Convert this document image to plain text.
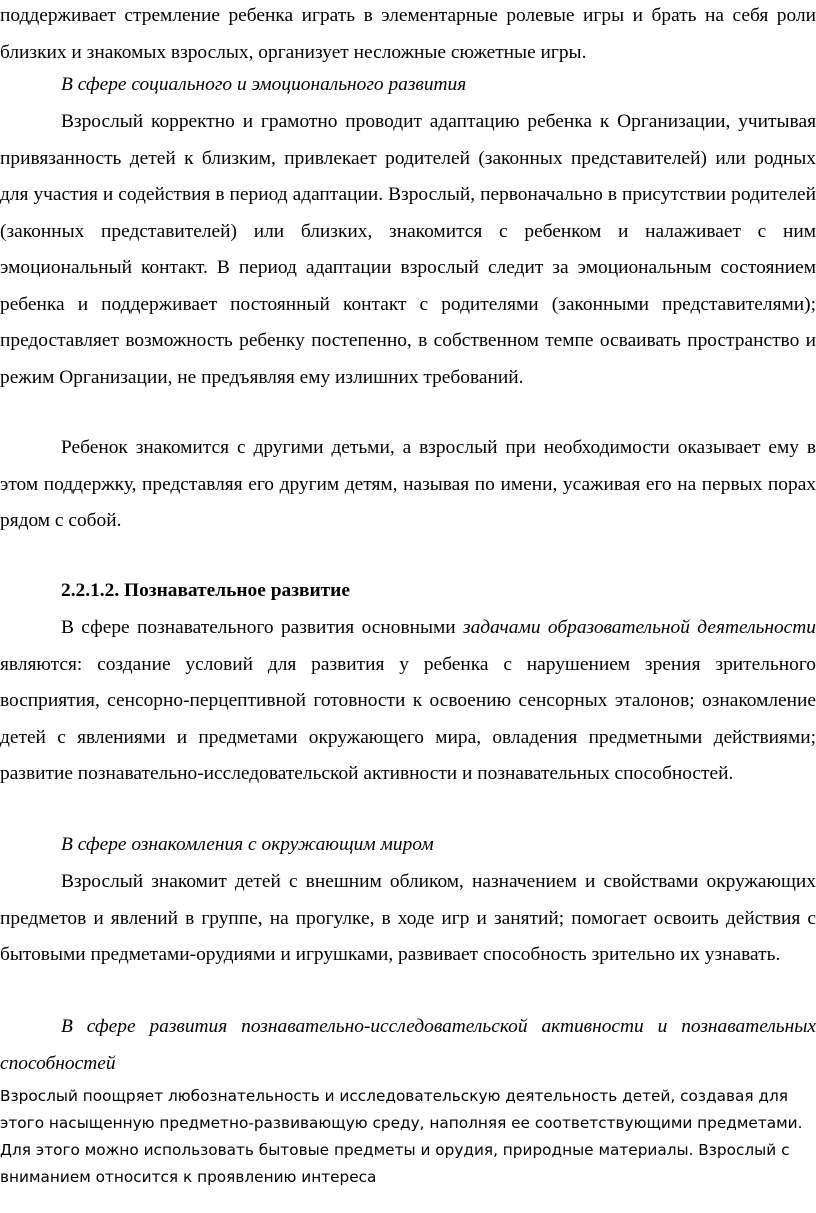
поддерживает стремление ребенка играть в элементарные ролевые игры и брать на себя роли близких и знакомых взрослых, организует несложные сюжетные игры.

В сфере социального и эмоционального развития

Взрослый корректно и грамотно проводит адаптацию ребенка к Организации, учитывая привязанность детей к близким, привлекает родителей (законных представителей) или родных для участия и содействия в период адаптации. Взрослый, первоначально в присутствии родителей (законных представителей) или близких, знакомится с ребенком и налаживает с ним эмоциональный контакт. В период адаптации взрослый следит за эмоциональным состоянием ребенка и поддерживает постоянный контакт с родителями (законными представителями); предоставляет возможность ребенку постепенно, в собственном темпе осваивать пространство и режим Организации, не предъявляя ему излишних требований.

Ребенок знакомится с другими детьми, а взрослый при необходимости оказывает ему в этом поддержку, представляя его другим детям, называя по имени, усаживая его на первых порах рядом с собой.

2.2.1.2. Познавательное развитие

В сфере познавательного развития основными задачами образовательной деятельности являются: создание условий для развития у ребенка с нарушением зрения зрительного восприятия, сенсорно-перцептивной готовности к освоению сенсорных эталонов; ознакомление детей с явлениями и предметами окружающего мира, овладения предметными действиями; развитие познавательно-исследовательской активности и познавательных способностей.

В сфере ознакомления с окружающим миром

Взрослый знакомит детей с внешним обликом, назначением и свойствами окружающих предметов и явлений в группе, на прогулке, в ходе игр и занятий; помогает освоить действия с бытовыми предметами-орудиями и игрушками, развивает способность зрительно их узнавать.

В сфере развития познавательно-исследовательской активности и познавательных способностей

Взрослый поощряет любознательность и исследовательскую деятельность детей, создавая для

этого насыщенную предметно-развивающую среду, наполняя ее соответствующими предметами.

Для этого можно использовать бытовые предметы и орудия, природные материалы. Взрослый с

вниманием относится к проявлению интереса
